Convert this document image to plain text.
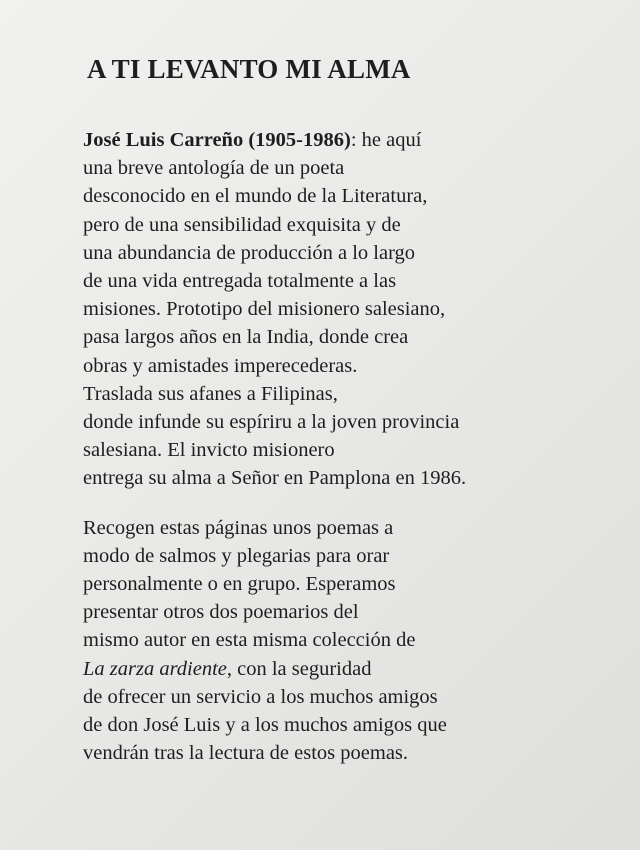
A TI LEVANTO MI ALMA

José Luis Carreño (1905-1986): he aquí
una breve antología de un poeta
desconocido en el mundo de la Literatura,
pero de una sensibilidad exquisita y de
una abundancia de producción a lo largo
de una vida entregada totalmente a las
misiones. Prototipo del misionero salesiano,
pasa largos años en la India, donde crea
obras y amistades imperecederas.
Traslada sus afanes a Filipinas,
donde infunde su espíriru a la joven provincia
salesiana. El invicto misionero
entrega su alma a Señor en Pamplona en 1986.

Recogen estas páginas unos poemas a
modo de salmos y plegarias para orar
personalmente o en grupo. Esperamos
presentar otros dos poemarios del
mismo autor en esta misma colección de
La zarza ardiente, con la seguridad
de ofrecer un servicio a los muchos amigos
de don José Luis y a los muchos amigos que
vendrán tras la lectura de estos poemas.
